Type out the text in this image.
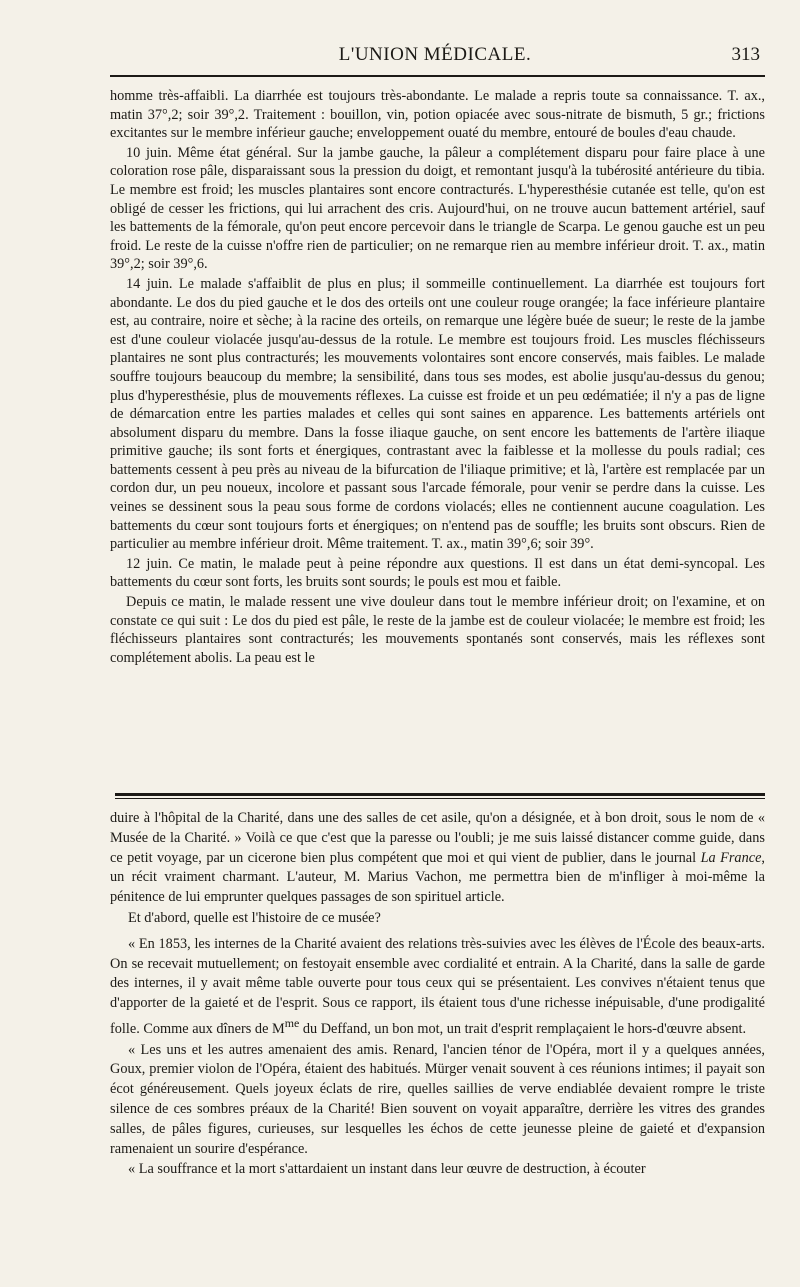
L'UNION MÉDICALE.	313

homme très-affaibli. La diarrhée est toujours très-abondante. Le malade a repris toute sa connaissance. T. ax., matin 37°,2; soir 39°,2. Traitement : bouillon, vin, potion opiacée avec sous-nitrate de bismuth, 5 gr.; frictions excitantes sur le membre inférieur gauche; enveloppement ouaté du membre, entouré de boules d'eau chaude.

10 juin. Même état général. Sur la jambe gauche, la pâleur a complétement disparu pour faire place à une coloration rose pâle, disparaissant sous la pression du doigt, et remontant jusqu'à la tubérosité antérieure du tibia. Le membre est froid; les muscles plantaires sont encore contracturés. L'hyperesthésie cutanée est telle, qu'on est obligé de cesser les frictions, qui lui arrachent des cris. Aujourd'hui, on ne trouve aucun battement artériel, sauf les battements de la fémorale, qu'on peut encore percevoir dans le triangle de Scarpa. Le genou gauche est un peu froid. Le reste de la cuisse n'offre rien de particulier; on ne remarque rien au membre inférieur droit. T. ax., matin 39°,2; soir 39°,6.

14 juin. Le malade s'affaiblit de plus en plus; il sommeille continuellement. La diarrhée est toujours fort abondante. Le dos du pied gauche et le dos des orteils ont une couleur rouge orangée; la face inférieure plantaire est, au contraire, noire et sèche; à la racine des orteils, on remarque une légère buée de sueur; le reste de la jambe est d'une couleur violacée jusqu'au-dessus de la rotule. Le membre est toujours froid. Les muscles fléchisseurs plantaires ne sont plus contracturés; les mouvements volontaires sont encore conservés, mais faibles. Le malade souffre toujours beaucoup du membre; la sensibilité, dans tous ses modes, est abolie jusqu'au-dessus du genou; plus d'hyperesthésie, plus de mouvements réflexes. La cuisse est froide et un peu œdématiée; il n'y a pas de ligne de démarcation entre les parties malades et celles qui sont saines en apparence. Les battements artériels ont absolument disparu du membre. Dans la fosse iliaque gauche, on sent encore les battements de l'artère iliaque primitive gauche; ils sont forts et énergiques, contrastant avec la faiblesse et la mollesse du pouls radial; ces battements cessent à peu près au niveau de la bifurcation de l'iliaque primitive; et là, l'artère est remplacée par un cordon dur, un peu noueux, incolore et passant sous l'arcade fémorale, pour venir se perdre dans la cuisse. Les veines se dessinent sous la peau sous forme de cordons violacés; elles ne contiennent aucune coagulation. Les battements du cœur sont toujours forts et énergiques; on n'entend pas de souffle; les bruits sont obscurs. Rien de particulier au membre inférieur droit. Même traitement. T. ax., matin 39°,6; soir 39°.

12 juin. Ce matin, le malade peut à peine répondre aux questions. Il est dans un état demi-syncopal. Les battements du cœur sont forts, les bruits sont sourds; le pouls est mou et faible.

Depuis ce matin, le malade ressent une vive douleur dans tout le membre inférieur droit; on l'examine, et on constate ce qui suit : Le dos du pied est pâle, le reste de la jambe est de couleur violacée; le membre est froid; les fléchisseurs plantaires sont contracturés; les mouvements spontanés sont conservés, mais les réflexes sont complétement abolis. La peau est le

duire à l'hôpital de la Charité, dans une des salles de cet asile, qu'on a désignée, et à bon droit, sous le nom de « Musée de la Charité. » Voilà ce que c'est que la paresse ou l'oubli; je me suis laissé distancer comme guide, dans ce petit voyage, par un cicerone bien plus compétent que moi et qui vient de publier, dans le journal La France, un récit vraiment charmant. L'auteur, M. Marius Vachon, me permettra bien de m'infliger à moi-même la pénitence de lui emprunter quelques passages de son spirituel article.

Et d'abord, quelle est l'histoire de ce musée?

« En 1853, les internes de la Charité avaient des relations très-suivies avec les élèves de l'École des beaux-arts. On se recevait mutuellement; on festoyait ensemble avec cordialité et entrain. A la Charité, dans la salle de garde des internes, il y avait même table ouverte pour tous ceux qui se présentaient. Les convives n'étaient tenus que d'apporter de la gaieté et de l'esprit. Sous ce rapport, ils étaient tous d'une richesse inépuisable, d'une prodigalité folle. Comme aux dîners de $M^{me}$ du Deffand, un bon mot, un trait d'esprit remplaçaient le hors-d'œuvre absent.

« Les uns et les autres amenaient des amis. Renard, l'ancien ténor de l'Opéra, mort il y a quelques années, Goux, premier violon de l'Opéra, étaient des habitués. Mürger venait souvent à ces réunions intimes; il payait son écot généreusement. Quels joyeux éclats de rire, quelles saillies de verve endiablée devaient rompre le triste silence de ces sombres préaux de la Charité! Bien souvent on voyait apparaître, derrière les vitres des grandes salles, de pâles figures, curieuses, sur lesquelles les échos de cette jeunesse pleine de gaieté et d'expansion ramenaient un sourire d'espérance.

« La souffrance et la mort s'attardaient un instant dans leur œuvre de destruction, à écouter
